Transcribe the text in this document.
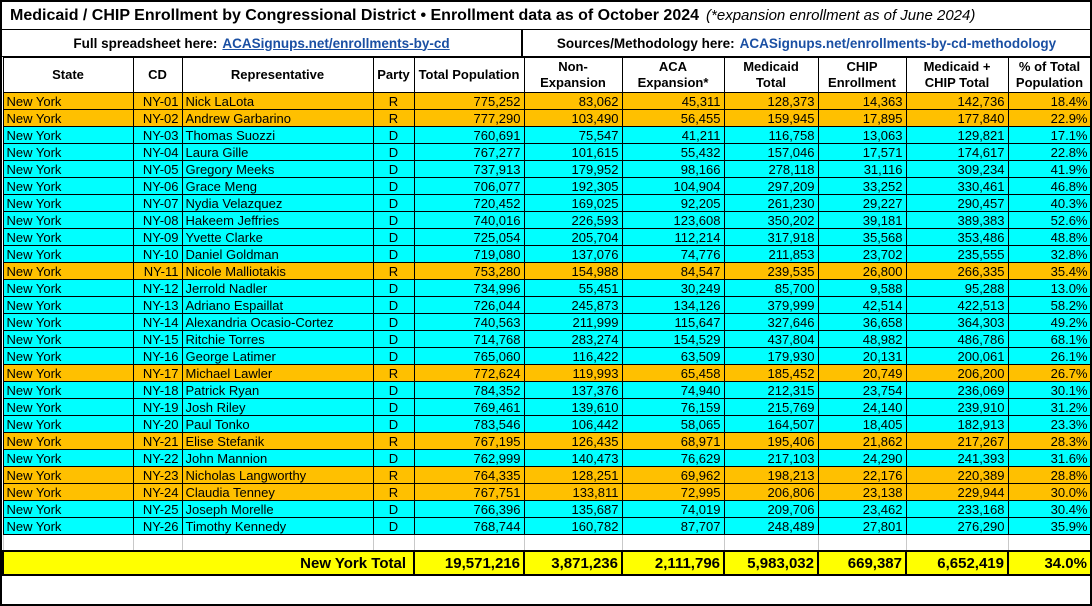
Medicaid / CHIP Enrollment by Congressional District • Enrollment data as of October 2024 (*expansion enrollment as of June 2024)
Full spreadsheet here: ACASignups.net/enrollments-by-cd	Sources/Methodology here: ACASignups.net/enrollments-by-cd-methodology
State	CD	Representative	Party	Total Population	Non-Expansion	ACA Expansion*	Medicaid Total	CHIP Enrollment	Medicaid + CHIP Total	% of Total Population
New York	NY-01	Nick LaLota	R	775,252	83,062	45,311	128,373	14,363	142,736	18.4%
New York	NY-02	Andrew Garbarino	R	777,290	103,490	56,455	159,945	17,895	177,840	22.9%
New York	NY-03	Thomas Suozzi	D	760,691	75,547	41,211	116,758	13,063	129,821	17.1%
New York	NY-04	Laura Gille	D	767,277	101,615	55,432	157,046	17,571	174,617	22.8%
New York	NY-05	Gregory Meeks	D	737,913	179,952	98,166	278,118	31,116	309,234	41.9%
New York	NY-06	Grace Meng	D	706,077	192,305	104,904	297,209	33,252	330,461	46.8%
New York	NY-07	Nydia Velazquez	D	720,452	169,025	92,205	261,230	29,227	290,457	40.3%
New York	NY-08	Hakeem Jeffries	D	740,016	226,593	123,608	350,202	39,181	389,383	52.6%
New York	NY-09	Yvette Clarke	D	725,054	205,704	112,214	317,918	35,568	353,486	48.8%
New York	NY-10	Daniel Goldman	D	719,080	137,076	74,776	211,853	23,702	235,555	32.8%
New York	NY-11	Nicole Malliotakis	R	753,280	154,988	84,547	239,535	26,800	266,335	35.4%
New York	NY-12	Jerrold Nadler	D	734,996	55,451	30,249	85,700	9,588	95,288	13.0%
New York	NY-13	Adriano Espaillat	D	726,044	245,873	134,126	379,999	42,514	422,513	58.2%
New York	NY-14	Alexandria Ocasio-Cortez	D	740,563	211,999	115,647	327,646	36,658	364,303	49.2%
New York	NY-15	Ritchie Torres	D	714,768	283,274	154,529	437,804	48,982	486,786	68.1%
New York	NY-16	George Latimer	D	765,060	116,422	63,509	179,930	20,131	200,061	26.1%
New York	NY-17	Michael Lawler	R	772,624	119,993	65,458	185,452	20,749	206,200	26.7%
New York	NY-18	Patrick Ryan	D	784,352	137,376	74,940	212,315	23,754	236,069	30.1%
New York	NY-19	Josh Riley	D	769,461	139,610	76,159	215,769	24,140	239,910	31.2%
New York	NY-20	Paul Tonko	D	783,546	106,442	58,065	164,507	18,405	182,913	23.3%
New York	NY-21	Elise Stefanik	R	767,195	126,435	68,971	195,406	21,862	217,267	28.3%
New York	NY-22	John Mannion	D	762,999	140,473	76,629	217,103	24,290	241,393	31.6%
New York	NY-23	Nicholas Langworthy	R	764,335	128,251	69,962	198,213	22,176	220,389	28.8%
New York	NY-24	Claudia Tenney	R	767,751	133,811	72,995	206,806	23,138	229,944	30.0%
New York	NY-25	Joseph Morelle	D	766,396	135,687	74,019	209,706	23,462	233,168	30.4%
New York	NY-26	Timothy Kennedy	D	768,744	160,782	87,707	248,489	27,801	276,290	35.9%

New York Total				19,571,216	3,871,236	2,111,796	5,983,032	669,387	6,652,419	34.0%
